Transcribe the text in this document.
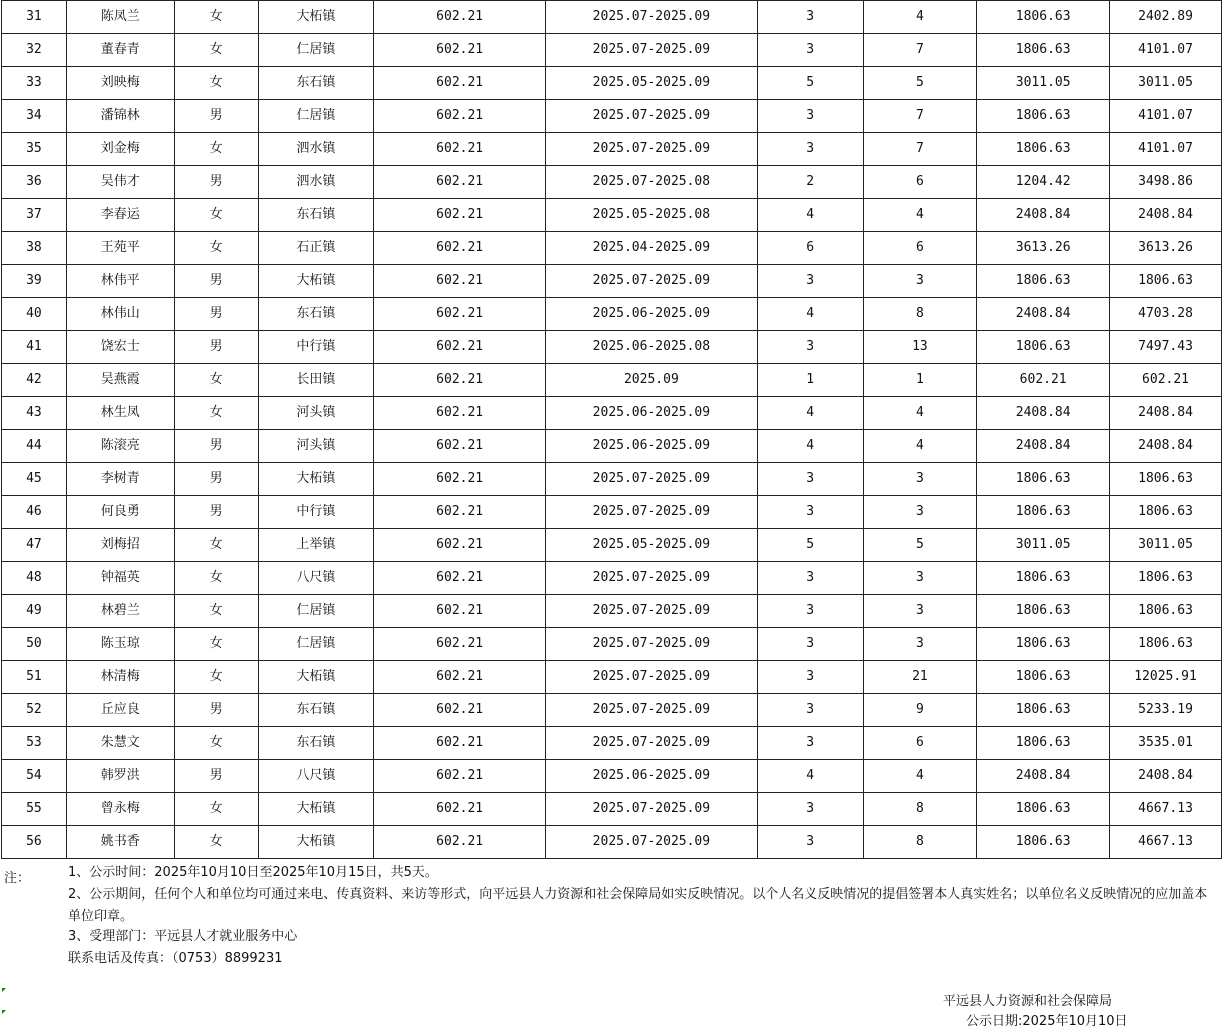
31	陈凤兰	女	大柘镇	602.21	2025.07-2025.09	3	4	1806.63	2402.89
32	董春青	女	仁居镇	602.21	2025.07-2025.09	3	7	1806.63	4101.07
33	刘映梅	女	东石镇	602.21	2025.05-2025.09	5	5	3011.05	3011.05
34	潘锦林	男	仁居镇	602.21	2025.07-2025.09	3	7	1806.63	4101.07
35	刘金梅	女	泗水镇	602.21	2025.07-2025.09	3	7	1806.63	4101.07
36	吴伟才	男	泗水镇	602.21	2025.07-2025.08	2	6	1204.42	3498.86
37	李春运	女	东石镇	602.21	2025.05-2025.08	4	4	2408.84	2408.84
38	王苑平	女	石正镇	602.21	2025.04-2025.09	6	6	3613.26	3613.26
39	林伟平	男	大柘镇	602.21	2025.07-2025.09	3	3	1806.63	1806.63
40	林伟山	男	东石镇	602.21	2025.06-2025.09	4	8	2408.84	4703.28
41	饶宏士	男	中行镇	602.21	2025.06-2025.08	3	13	1806.63	7497.43
42	吴燕霞	女	长田镇	602.21	2025.09	1	1	602.21	602.21
43	林生凤	女	河头镇	602.21	2025.06-2025.09	4	4	2408.84	2408.84
44	陈滚亮	男	河头镇	602.21	2025.06-2025.09	4	4	2408.84	2408.84
45	李树青	男	大柘镇	602.21	2025.07-2025.09	3	3	1806.63	1806.63
46	何良勇	男	中行镇	602.21	2025.07-2025.09	3	3	1806.63	1806.63
47	刘梅招	女	上举镇	602.21	2025.05-2025.09	5	5	3011.05	3011.05
48	钟福英	女	八尺镇	602.21	2025.07-2025.09	3	3	1806.63	1806.63
49	林碧兰	女	仁居镇	602.21	2025.07-2025.09	3	3	1806.63	1806.63
50	陈玉琼	女	仁居镇	602.21	2025.07-2025.09	3	3	1806.63	1806.63
51	林清梅	女	大柘镇	602.21	2025.07-2025.09	3	21	1806.63	12025.91
52	丘应良	男	东石镇	602.21	2025.07-2025.09	3	9	1806.63	5233.19
53	朱慧文	女	东石镇	602.21	2025.07-2025.09	3	6	1806.63	3535.01
54	韩罗洪	男	八尺镇	602.21	2025.06-2025.09	4	4	2408.84	2408.84
55	曾永梅	女	大柘镇	602.21	2025.07-2025.09	3	8	1806.63	4667.13
56	姚书香	女	大柘镇	602.21	2025.07-2025.09	3	8	1806.63	4667.13
注：	1、公示时间：2025年10月10日至2025年10月15日，共5天。
2、公示期间，任何个人和单位均可通过来电、传真资料、来访等形式，向平远县人力资源和社会保障局如实反映情况。以个人名义反映情况的提倡签署本人真实姓名；以单位名义反映情况的应加盖本单位印章。
3、受理部门：平远县人才就业服务中心
联系电话及传真：（0753）8899231
平远县人力资源和社会保障局
公示日期:2025年10月10日
